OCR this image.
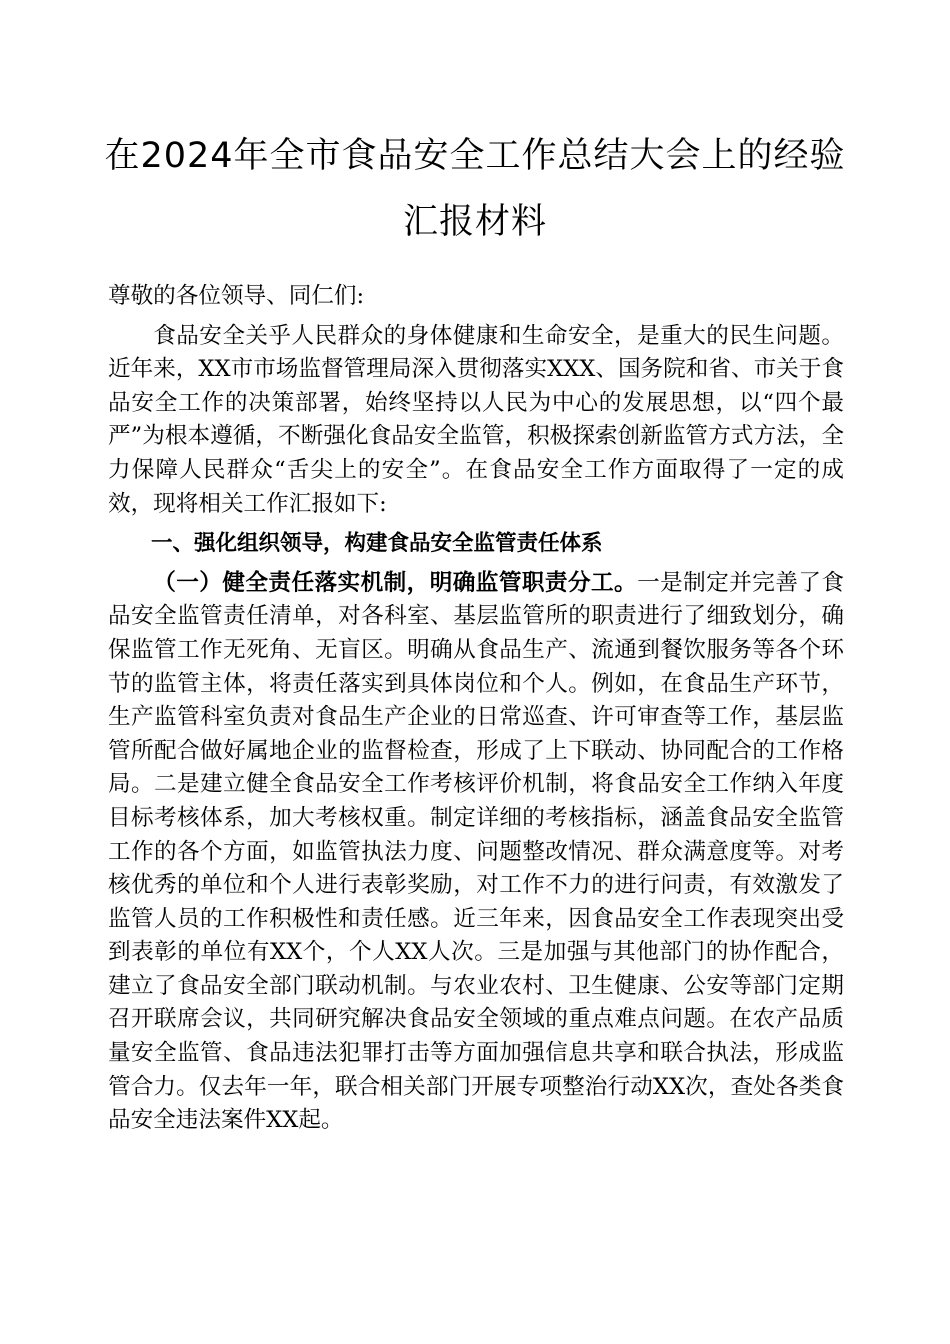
在2024年全市食品安全工作总结大会上的经验
汇报材料

尊敬的各位领导、同仁们:

食品安全关乎人民群众的身体健康和生命安全，是重大的民生问题。近年来，XX市市场监督管理局深入贯彻落实XXX、国务院和省、市关于食品安全工作的决策部署，始终坚持以人民为中心的发展思想，以“四个最严”为根本遵循，不断强化食品安全监管，积极探索创新监管方式方法，全力保障人民群众“舌尖上的安全”。在食品安全工作方面取得了一定的成效，现将相关工作汇报如下:

一、强化组织领导，构建食品安全监管责任体系

（一）健全责任落实机制，明确监管职责分工。一是制定并完善了食品安全监管责任清单，对各科室、基层监管所的职责进行了细致划分，确保监管工作无死角、无盲区。明确从食品生产、流通到餐饮服务等各个环节的监管主体，将责任落实到具体岗位和个人。例如，在食品生产环节，生产监管科室负责对食品生产企业的日常巡查、许可审查等工作，基层监管所配合做好属地企业的监督检查，形成了上下联动、协同配合的工作格局。二是建立健全食品安全工作考核评价机制，将食品安全工作纳入年度目标考核体系，加大考核权重。制定详细的考核指标，涵盖食品安全监管工作的各个方面，如监管执法力度、问题整改情况、群众满意度等。对考核优秀的单位和个人进行表彰奖励，对工作不力的进行问责，有效激发了监管人员的工作积极性和责任感。近三年来，因食品安全工作表现突出受到表彰的单位有XX个，个人XX人次。三是加强与其他部门的协作配合，建立了食品安全部门联动机制。与农业农村、卫生健康、公安等部门定期召开联席会议，共同研究解决食品安全领域的重点难点问题。在农产品质量安全监管、食品违法犯罪打击等方面加强信息共享和联合执法，形成监管合力。仅去年一年，联合相关部门开展专项整治行动XX次，查处各类食品安全违法案件XX起。
